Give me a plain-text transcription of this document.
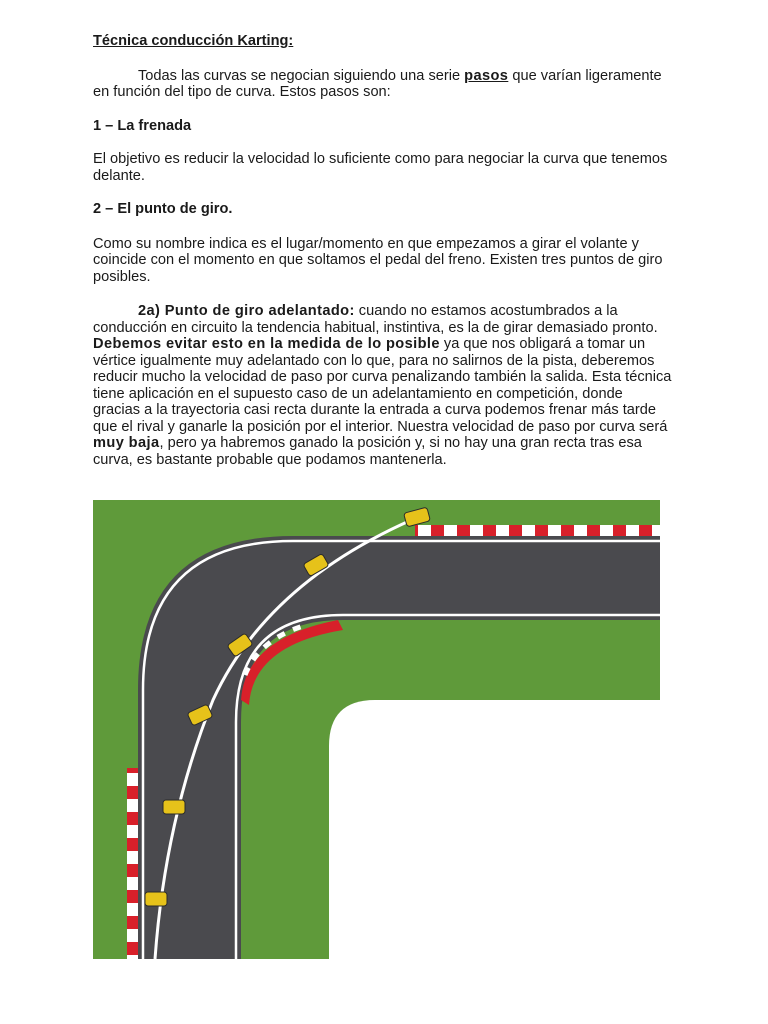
Técnica conducción Karting:

Todas las curvas se negocian siguiendo una serie pasos que varían ligeramente en función del tipo de curva. Estos pasos son:

1 – La frenada

El objetivo es reducir la velocidad lo suficiente como para negociar la curva que tenemos delante.

2 – El punto de giro.

Como su nombre indica es el lugar/momento en que empezamos a girar el volante y coincide con el momento en que soltamos el pedal del freno. Existen tres puntos de giro posibles.

2a) Punto de giro adelantado: cuando no estamos acostumbrados a la conducción en circuito la tendencia habitual, instintiva, es la de girar demasiado pronto. Debemos evitar esto en la medida de lo posible ya que nos obligará a tomar un vértice igualmente muy adelantado con lo que, para no salirnos de la pista, deberemos reducir mucho la velocidad de paso por curva penalizando también la salida. Esta técnica tiene aplicación en el supuesto caso de un adelantamiento en competición, donde gracias a la trayectoria casi recta durante la entrada a curva podemos frenar más tarde que el rival y ganarle la posición por el interior. Nuestra velocidad de paso por curva será muy baja, pero ya habremos ganado la posición y, si no hay una gran recta tras esa curva, es bastante probable que podamos mantenerla.
